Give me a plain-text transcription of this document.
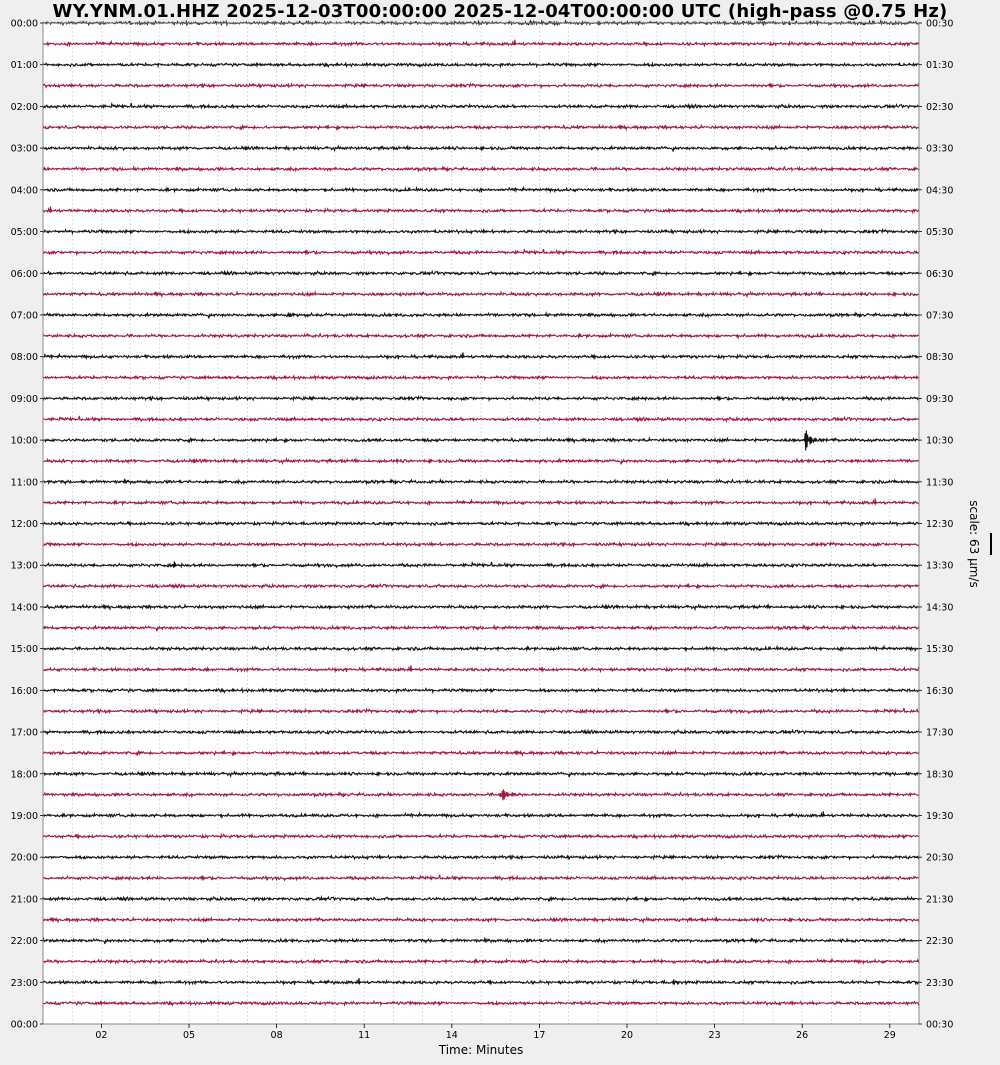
WY.YNM.01.HHZ 2025-12-03T00:00:00 2025-12-04T00:00:00 UTC (high-pass @0.75 Hz)
00:00
01:00
02:00
03:00
04:00
05:00
06:00
07:00
08:00
09:00
10:00
11:00
12:00
13:00
14:00
15:00
16:00
17:00
18:00
19:00
20:00
21:00
22:00
23:00
00:00
00:30
01:30
02:30
03:30
04:30
05:30
06:30
07:30
08:30
09:30
10:30
11:30
12:30
13:30
14:30
15:30
16:30
17:30
18:30
19:30
20:30
21:30
22:30
23:30
00:30
02	05	08	11	14	17	20	23	26	29
Time: Minutes
scale: 63 µm/s
